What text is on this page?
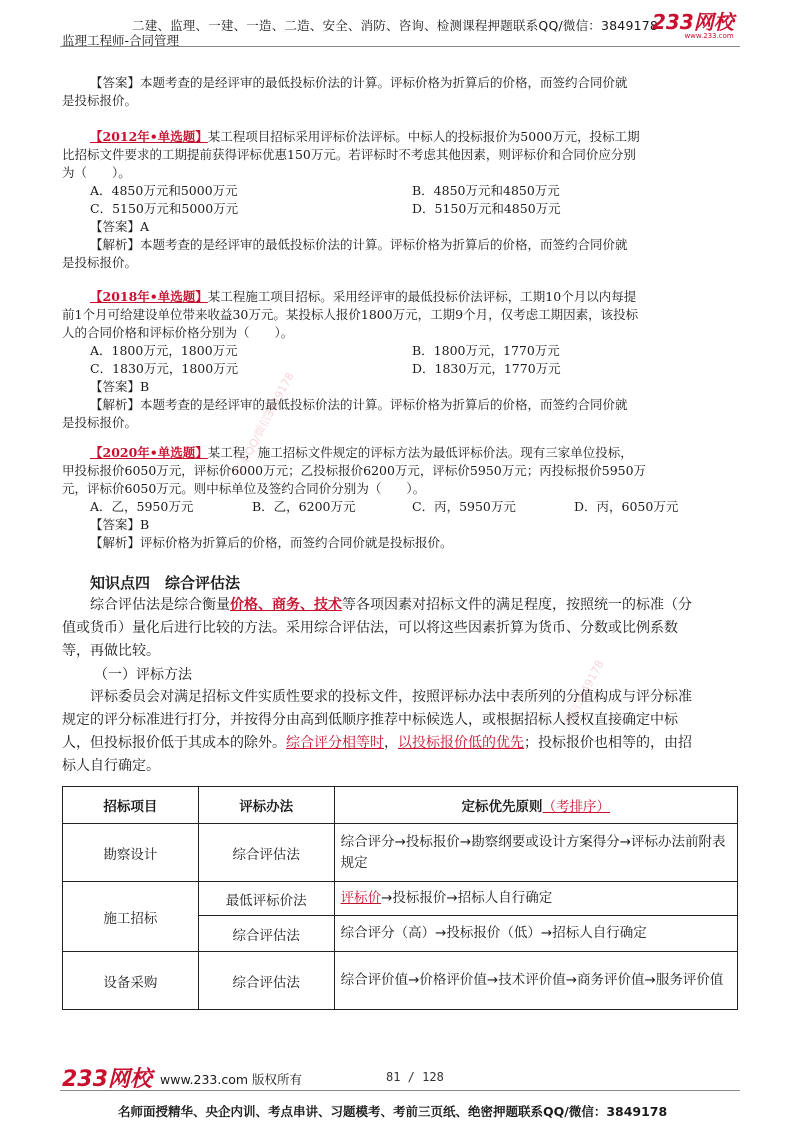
二建、监理、一建、一造、二造、安全、消防、咨询、检测课程押题联系QQ/微信：3849178
监理工程师-合同管理
233网校
www.233.com
【答案】本题考查的是经评审的最低投标价法的计算。评标价格为折算后的价格，而签约合同价就
是投标报价。
【2012年•单选题】某工程项目招标采用评标价法评标。中标人的投标报价为5000万元，投标工期
比招标文件要求的工期提前获得评标优惠150万元。若评标时不考虑其他因素，则评标价和合同价应分别
为（　　）。
A．4850万元和5000万元	B．4850万元和4850万元
C．5150万元和5000万元	D．5150万元和4850万元
【答案】A
【解析】本题考查的是经评审的最低投标价法的计算。评标价格为折算后的价格，而签约合同价就
是投标报价。
【2018年•单选题】某工程施工项目招标。采用经评审的最低投标价法评标，工期10个月以内每提
前1个月可给建设单位带来收益30万元。某投标人报价1800万元，工期9个月，仅考虑工期因素，该投标
人的合同价格和评标价格分别为（　　）。
A．1800万元，1800万元	B．1800万元，1770万元
C．1830万元，1800万元	D．1830万元，1770万元
【答案】B
【解析】本题考查的是经评审的最低投标价法的计算。评标价格为折算后的价格，而签约合同价就
是投标报价。
【2020年•单选题】某工程，施工招标文件规定的评标方法为最低评标价法。现有三家单位投标，
甲投标报价6050万元，评标价6000万元；乙投标报价6200万元，评标价5950万元；丙投标报价5950万
元，评标价6050万元。则中标单位及签约合同价分别为（　　）。
A．乙，5950万元	B．乙，6200万元	C．丙，5950万元	D．丙，6050万元
【答案】B
【解析】评标价格为折算后的价格，而签约合同价就是投标报价。
知识点四　综合评估法
综合评估法是综合衡量价格、商务、技术等各项因素对招标文件的满足程度，按照统一的标准（分
值或货币）量化后进行比较的方法。采用综合评估法，可以将这些因素折算为货币、分数或比例系数
等，再做比较。
（一）评标方法
评标委员会对满足招标文件实质性要求的投标文件，按照评标办法中表所列的分值构成与评分标准
规定的评分标准进行打分，并按得分由高到低顺序推荐中标候选人，或根据招标人授权直接确定中标
人，但投标报价低于其成本的除外。综合评分相等时，以投标报价低的优先；投标报价也相等的，由招
标人自行确定。
招标项目	评标办法	定标优先原则（考排序）
勘察设计	综合评估法	综合评分→投标报价→勘察纲要或设计方案得分→评标办法前附表规定
施工招标	最低评标价法	评标价→投标报价→招标人自行确定
	综合评估法	综合评分（高）→投标报价（低）→招标人自行确定
设备采购	综合评估法	综合评价值→价格评价值→技术评价值→商务评价值→服务评价值
联系QQ/微信3849178
微信3849178
233网校 www.233.com 版权所有	81 / 128
名师面授精华、央企内训、考点串讲、习题模考、考前三页纸、绝密押题联系QQ/微信：3849178
